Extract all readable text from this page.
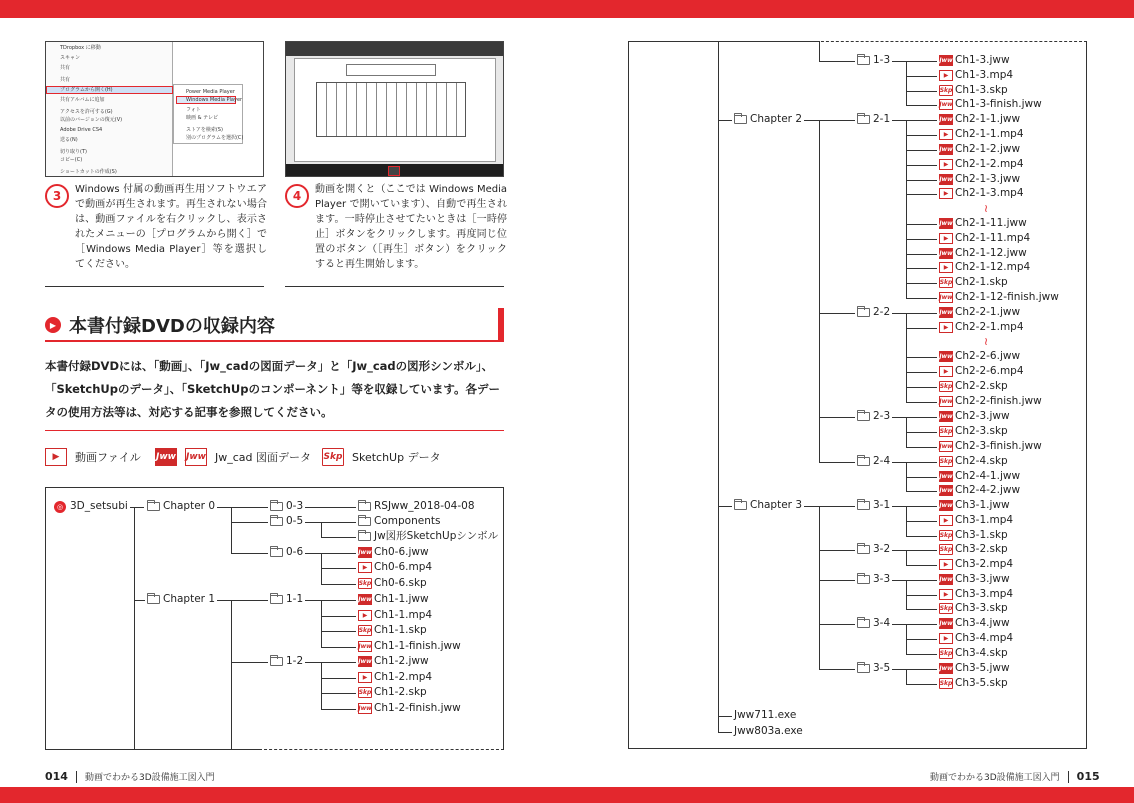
TDropbox に移動
スキャン
共有
共有
プログラムから開く(H)
共有アルバムに追加
アクセスを許可する(G)
以前のバージョンの復元(V)
Adobe Drive CS4
送る(N)
切り取り(T)
コピー(C)
ショートカットの作成(S)
Power Media Player
Windows Media Player
フォト
映画 & テレビ
ストアを検索(S)
別のプログラムを選択(C)
3	Windows 付属の動画再生用ソフトウエアで動画が再生されます。再生されない場合は、動画ファイルを右クリックし、表示されたメニューの［プログラムから開く］で［Windows Media Player］等を選択してください。
4	動画を開くと（ここでは Windows Media Player で開いています）、自動で再生されます。一時停止させてたいときは［一時停止］ボタンをクリックします。再度同じ位置のボタン（［再生］ボタン）をクリックすると再生開始します。
▶ 本書付録DVDの収録内容
本書付録DVDには、「動画」、「Jw_cadの図面データ」と「Jw_cadの図形シンボル」、「SketchUpのデータ」、「SketchUpのコンポーネント」等を収録しています。各データの使用方法等は、対応する記事を参照してください。
▶	動画ファイル Jww Jww Jw_cad 図面データ Skp SketchUp データ
◎ 3D_setsubi	Chapter 0	0-3
0-5
0-6
RSJww_2018-04-08
Components
Jw図形SketchUpシンボル
Jww Ch0-6.jww
▶ Ch0-6.mp4
Skp Ch0-6.skp
Chapter 1	1-1	Jww Ch1-1.jww
▶ Ch1-1.mp4
Skp Ch1-1.skp
Jww Ch1-1-finish.jww
1-2	Jww Ch1-2.jww
▶ Ch1-2.mp4
Skp Ch1-2.skp
Jww Ch1-2-finish.jww
≀
≀
1-3	Jww Ch1-3.jww
▶ Ch1-3.mp4
Skp Ch1-3.skp
Jww Ch1-3-finish.jww
Chapter 2	2-1	Jww Ch2-1-1.jww
▶ Ch2-1-1.mp4
Jww Ch2-1-2.jww
▶ Ch2-1-2.mp4
Jww Ch2-1-3.jww
▶ Ch2-1-3.mp4
Jww Ch2-1-11.jww
▶ Ch2-1-11.mp4
Jww Ch2-1-12.jww
▶ Ch2-1-12.mp4
Skp Ch2-1.skp
Jww Ch2-1-12-finish.jww
2-2	Jww Ch2-2-1.jww
▶ Ch2-2-1.mp4
Jww Ch2-2-6.jww
▶ Ch2-2-6.mp4
Skp Ch2-2.skp
Jww Ch2-2-finish.jww
2-3	Jww Ch2-3.jww
Skp Ch2-3.skp
Jww Ch2-3-finish.jww
2-4	Skp Ch2-4.skp
Jww Ch2-4-1.jww
Jww Ch2-4-2.jww
Chapter 3	3-1	Jww Ch3-1.jww
▶ Ch3-1.mp4
Skp Ch3-1.skp
3-2	Skp Ch3-2.skp
▶ Ch3-2.mp4
3-3	Jww Ch3-3.jww
▶ Ch3-3.mp4
Skp Ch3-3.skp
3-4	Jww Ch3-4.jww
▶ Ch3-4.mp4
Skp Ch3-4.skp
3-5	Jww Ch3-5.jww
Skp Ch3-5.skp
Jww711.exe
Jww803a.exe
014 動画でわかる3D設備施工図入門	動画でわかる3D設備施工図入門 015
